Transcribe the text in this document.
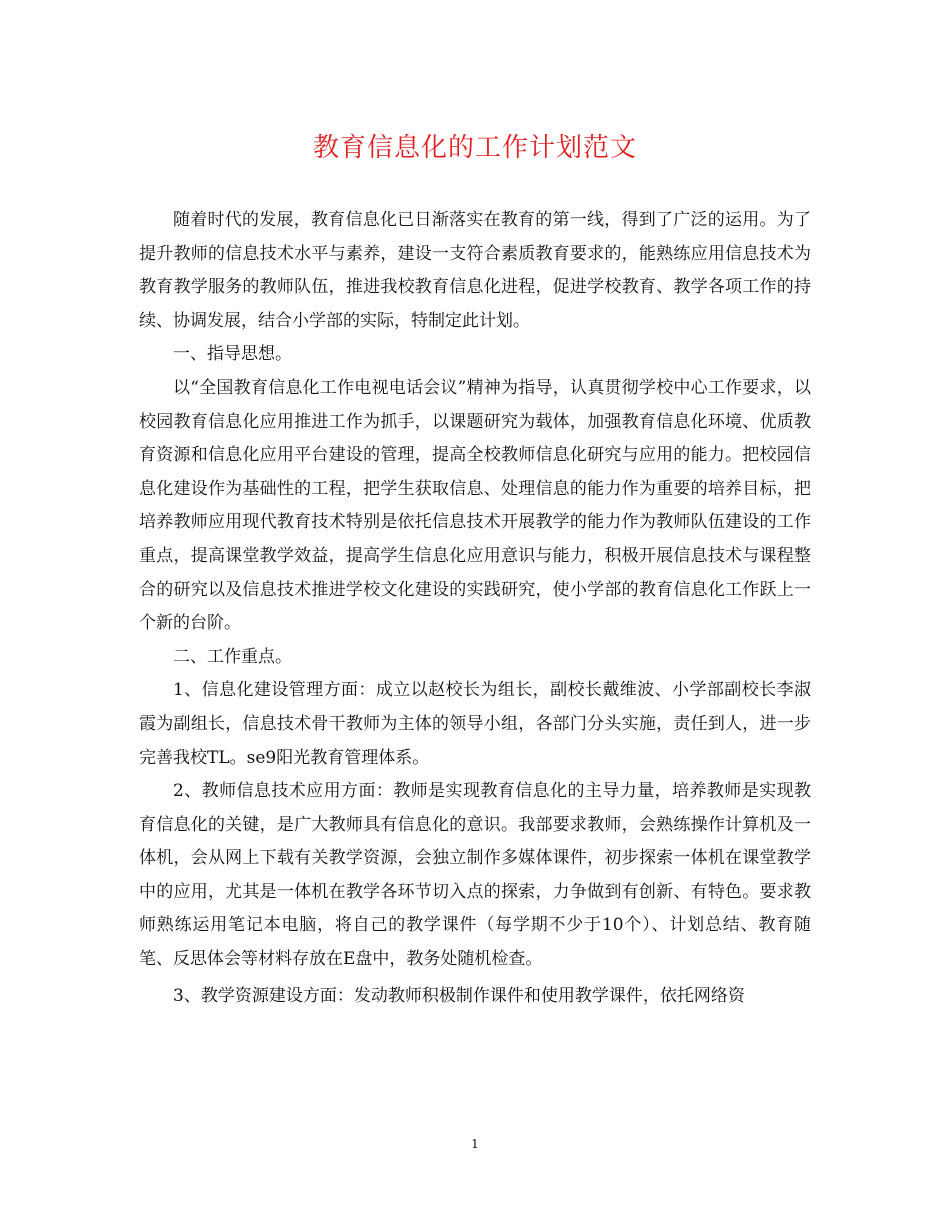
教育信息化的工作计划范文

随着时代的发展，教育信息化已日渐落实在教育的第一线，得到了广泛的运用。为了提升教师的信息技术水平与素养，建设一支符合素质教育要求的，能熟练应用信息技术为教育教学服务的教师队伍，推进我校教育信息化进程，促进学校教育、教学各项工作的持续、协调发展，结合小学部的实际，特制定此计划。

一、指导思想。

以“全国教育信息化工作电视电话会议”精神为指导，认真贯彻学校中心工作要求，以校园教育信息化应用推进工作为抓手，以课题研究为载体，加强教育信息化环境、优质教育资源和信息化应用平台建设的管理，提高全校教师信息化研究与应用的能力。把校园信息化建设作为基础性的工程，把学生获取信息、处理信息的能力作为重要的培养目标，把培养教师应用现代教育技术特别是依托信息技术开展教学的能力作为教师队伍建设的工作重点，提高课堂教学效益，提高学生信息化应用意识与能力，积极开展信息技术与课程整合的研究以及信息技术推进学校文化建设的实践研究，使小学部的教育信息化工作跃上一个新的台阶。

二、工作重点。

1、信息化建设管理方面：成立以赵校长为组长，副校长戴维波、小学部副校长李淑霞为副组长，信息技术骨干教师为主体的领导小组，各部门分头实施，责任到人，进一步完善我校TL。se9阳光教育管理体系。

2、教师信息技术应用方面：教师是实现教育信息化的主导力量，培养教师是实现教育信息化的关键，是广大教师具有信息化的意识。我部要求教师，会熟练操作计算机及一体机，会从网上下载有关教学资源，会独立制作多媒体课件，初步探索一体机在课堂教学中的应用，尤其是一体机在教学各环节切入点的探索，力争做到有创新、有特色。要求教师熟练运用笔记本电脑，将自己的教学课件（每学期不少于10个）、计划总结、教育随笔、反思体会等材料存放在E盘中，教务处随机检查。

3、教学资源建设方面：发动教师积极制作课件和使用教学课件，依托网络资

1
